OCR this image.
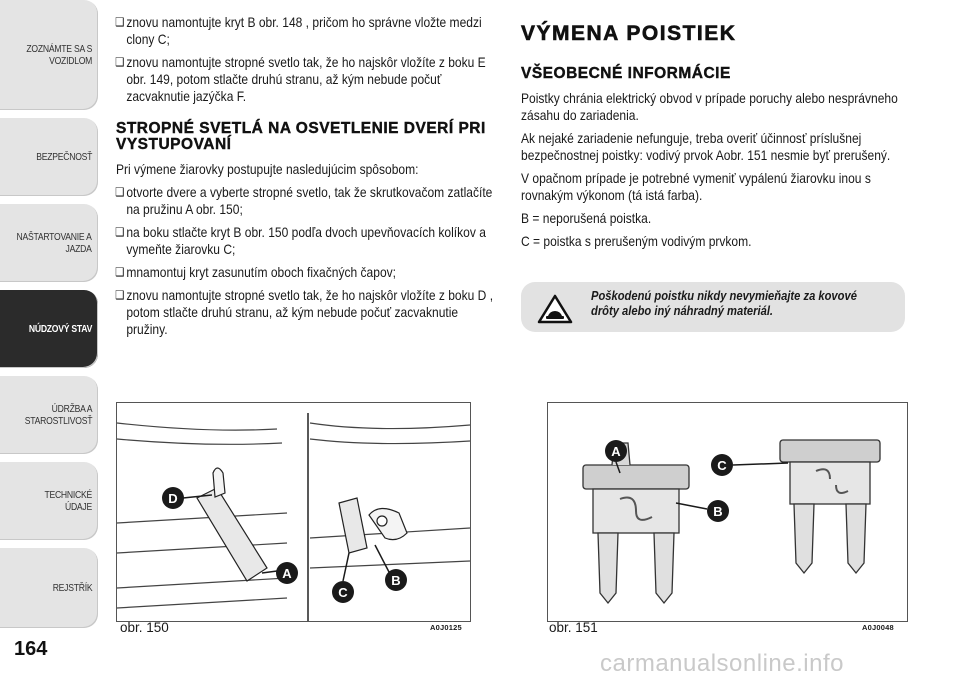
ZOZNÁMTE SA S
VOZIDLOM
BEZPEČNOSŤ
NAŠTARTOVANIE A
JAZDA
NÚDZOVÝ STAV
ÚDRŽBA A
STAROSTLIVOSŤ
TECHNICKÉ ÚDAJE
REJSTŘÍK
164
❑ znovu namontujte kryt B obr. 148 , pričom ho správne vložte medzi clony C;
❑ znovu namontujte stropné svetlo tak, že ho najskôr vložíte z boku E obr. 149, potom stlačte druhú stranu, až kým nebude počuť zacvaknutie jazýčka F.
STROPNÉ SVETLÁ NA OSVETLENIE DVERÍ PRI VYSTUPOVANÍ
Pri výmene žiarovky postupujte nasledujúcim spôsobom:
❑ otvorte dvere a vyberte stropné svetlo, tak že skrutkovačom zatlačíte na pružinu A obr. 150;
❑ na boku stlačte kryt B obr. 150 podľa dvoch upevňovacích kolíkov a vymeňte žiarovku C;
❑ mnamontuj kryt zasunutím oboch fixačných čapov;
❑ znovu namontujte stropné svetlo tak, že ho najskôr vložíte z boku D , potom stlačte druhú stranu, až kým nebude počuť zacvaknutie pružiny.
VÝMENA POISTIEK
VŠEOBECNÉ INFORMÁCIE
Poistky chránia elektrický obvod v prípade poruchy alebo nesprávneho zásahu do zariadenia.
Ak nejaké zariadenie nefunguje, treba overiť účinnosť príslušnej bezpečnostnej poistky: vodivý prvok Aobr. 151 nesmie byť prerušený.
V opačnom prípade je potrebné vymeniť vypálenú žiarovku inou s rovnakým výkonom (tá istá farba).
B = neporušená poistka.
C = poistka s prerušeným vodivým prvkom.
Poškodenú poistku nikdy nevymieňajte za kovové drôty alebo iný náhradný materiál.
D
A
C
B
obr. 150	A0J0125
A
C
B
obr. 151	A0J0048
carmanualsonline.info
